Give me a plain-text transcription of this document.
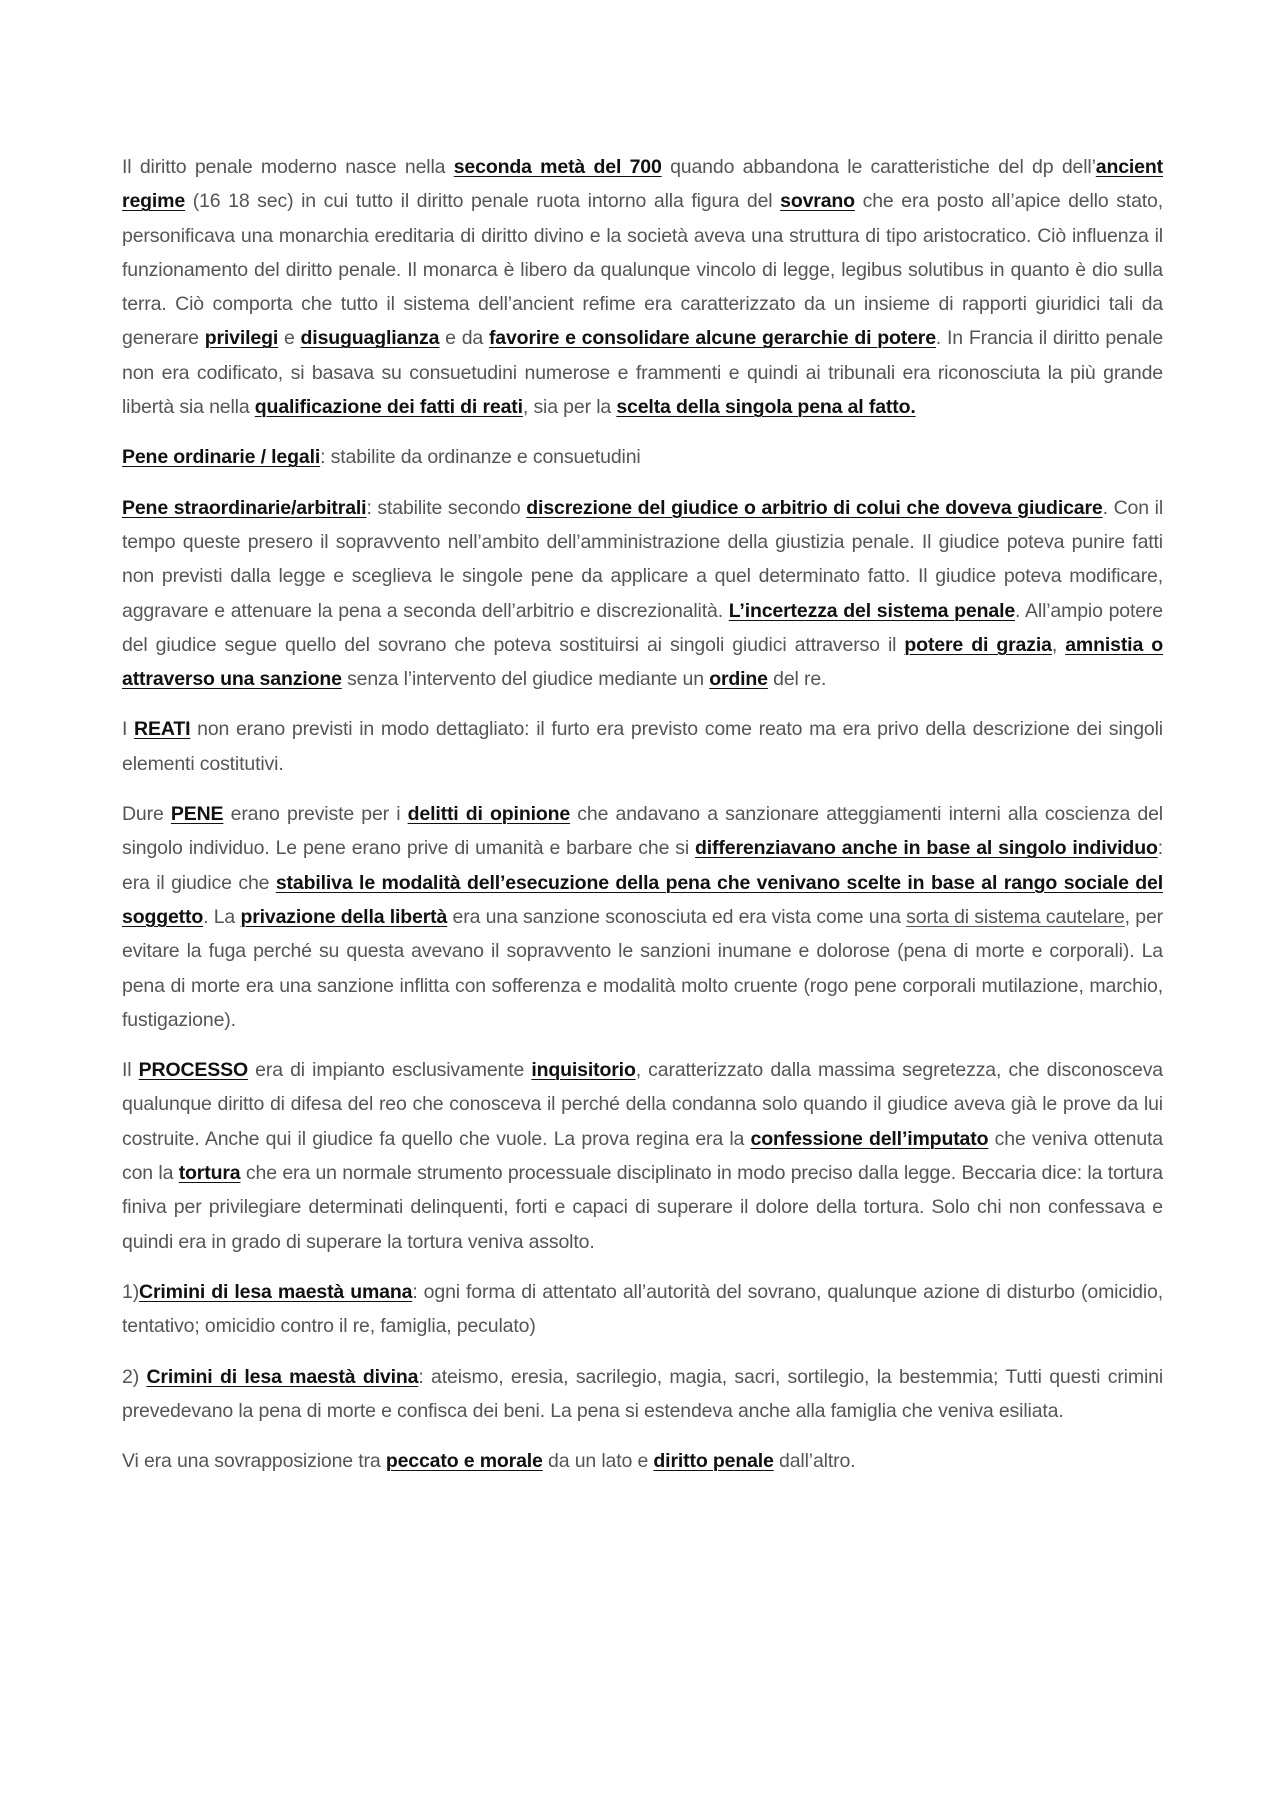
Il diritto penale moderno nasce nella seconda metà del 700 quando abbandona le caratteristiche del dp dell’ancient regime (16 18 sec) in cui tutto il diritto penale ruota intorno alla figura del sovrano che era posto all’apice dello stato, personificava una monarchia ereditaria di diritto divino e la società aveva una struttura di tipo aristocratico. Ciò influenza il funzionamento del diritto penale. Il monarca è libero da qualunque vincolo di legge, legibus solutibus in quanto è dio sulla terra. Ciò comporta che tutto il sistema dell’ancient refime era caratterizzato da un insieme di rapporti giuridici tali da generare privilegi e disuguaglianza e da favorire e consolidare alcune gerarchie di potere. In Francia il diritto penale non era codificato, si basava su consuetudini numerose e frammenti e quindi ai tribunali era riconosciuta la più grande libertà sia nella qualificazione dei fatti di reati, sia per la scelta della singola pena al fatto.

Pene ordinarie / legali: stabilite da ordinanze e consuetudini

Pene straordinarie/arbitrali: stabilite secondo discrezione del giudice o arbitrio di colui che doveva giudicare. Con il tempo queste presero il sopravvento nell’ambito dell’amministrazione della giustizia penale. Il giudice poteva punire fatti non previsti dalla legge e sceglieva le singole pene da applicare a quel determinato fatto. Il giudice poteva modificare, aggravare e attenuare la pena a seconda dell’arbitrio e discrezionalità. L’incertezza del sistema penale. All’ampio potere del giudice segue quello del sovrano che poteva sostituirsi ai singoli giudici attraverso il potere di grazia, amnistia o attraverso una sanzione senza l’intervento del giudice mediante un ordine del re.

I REATI non erano previsti in modo dettagliato: il furto era previsto come reato ma era privo della descrizione dei singoli elementi costitutivi.

Dure PENE erano previste per i delitti di opinione che andavano a sanzionare atteggiamenti interni alla coscienza del singolo individuo. Le pene erano prive di umanità e barbare che si differenziavano anche in base al singolo individuo: era il giudice che stabiliva le modalità dell’esecuzione della pena che venivano scelte in base al rango sociale del soggetto. La privazione della libertà era una sanzione sconosciuta ed era vista come una sorta di sistema cautelare, per evitare la fuga perché su questa avevano il sopravvento le sanzioni inumane e dolorose (pena di morte e corporali). La pena di morte era una sanzione inflitta con sofferenza e modalità molto cruente (rogo pene corporali mutilazione, marchio, fustigazione).

Il PROCESSO era di impianto esclusivamente inquisitorio, caratterizzato dalla massima segretezza, che disconosceva qualunque diritto di difesa del reo che conosceva il perché della condanna solo quando il giudice aveva già le prove da lui costruite. Anche qui il giudice fa quello che vuole. La prova regina era la confessione dell’imputato che veniva ottenuta con la tortura che era un normale strumento processuale disciplinato in modo preciso dalla legge. Beccaria dice: la tortura finiva per privilegiare determinati delinquenti, forti e capaci di superare il dolore della tortura. Solo chi non confessava e quindi era in grado di superare la tortura veniva assolto.

1)Crimini di lesa maestà umana: ogni forma di attentato all’autorità del sovrano, qualunque azione di disturbo (omicidio, tentativo; omicidio contro il re, famiglia, peculato)

2) Crimini di lesa maestà divina: ateismo, eresia, sacrilegio, magia, sacri, sortilegio, la bestemmia; Tutti questi crimini prevedevano la pena di morte e confisca dei beni. La pena si estendeva anche alla famiglia che veniva esiliata.

Vi era una sovrapposizione tra peccato e morale da un lato e diritto penale dall’altro.
